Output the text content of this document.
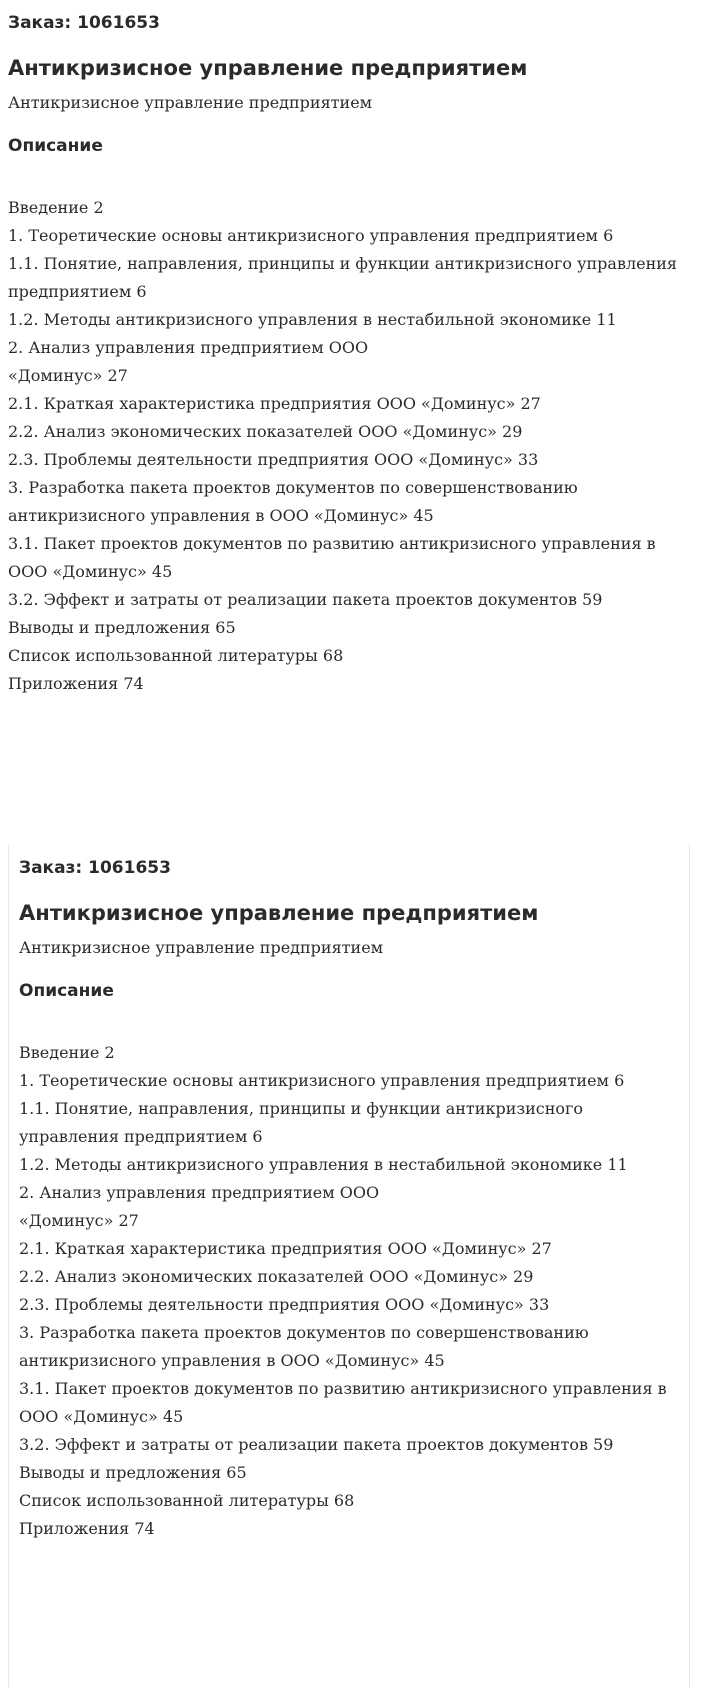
Заказ: 1061653

Антикризисное управление предприятием

Антикризисное управление предприятием

Описание
Введение 2
1. Теоретические основы антикризисного управления предприятием 6
1.1. Понятие, направления, принципы и функции антикризисного управления предприятием 6
1.2. Методы антикризисного управления в нестабильной экономике 11
2. Анализ управления предприятием ООО
«Доминус» 27
2.1. Краткая характеристика предприятия ООО «Доминус» 27
2.2. Анализ экономических показателей ООО «Доминус» 29
2.3. Проблемы деятельности предприятия ООО «Доминус» 33
3. Разработка пакета проектов документов по совершенствованию антикризисного управления в ООО «Доминус» 45
3.1. Пакет проектов документов по развитию антикризисного управления в ООО «Доминус» 45
3.2. Эффект и затраты от реализации пакета проектов документов 59
Выводы и предложения 65
Список использованной литературы 68
Приложения 74

Заказ: 1061653

Антикризисное управление предприятием

Антикризисное управление предприятием

Описание
Введение 2
1. Теоретические основы антикризисного управления предприятием 6
1.1. Понятие, направления, принципы и функции антикризисного управления предприятием 6
1.2. Методы антикризисного управления в нестабильной экономике 11
2. Анализ управления предприятием ООО
«Доминус» 27
2.1. Краткая характеристика предприятия ООО «Доминус» 27
2.2. Анализ экономических показателей ООО «Доминус» 29
2.3. Проблемы деятельности предприятия ООО «Доминус» 33
3. Разработка пакета проектов документов по совершенствованию антикризисного управления в ООО «Доминус» 45
3.1. Пакет проектов документов по развитию антикризисного управления в ООО «Доминус» 45
3.2. Эффект и затраты от реализации пакета проектов документов 59
Выводы и предложения 65
Список использованной литературы 68
Приложения 74
